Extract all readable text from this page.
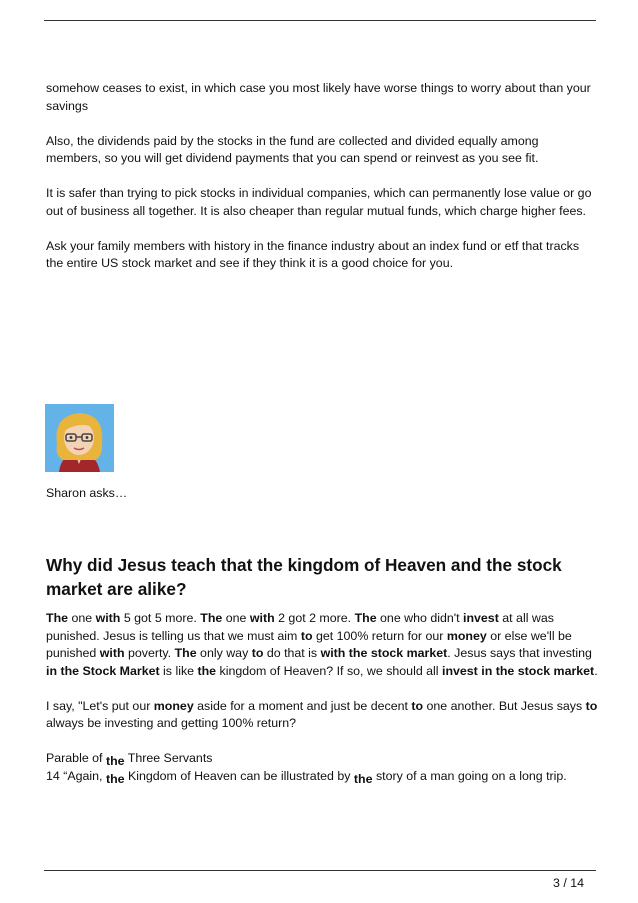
somehow ceases to exist, in which case you most likely have worse things to worry about than your savings

Also, the dividends paid by the stocks in the fund are collected and divided equally among members, so you will get dividend payments that you can spend or reinvest as you see fit.

It is safer than trying to pick stocks in individual companies, which can permanently lose value or go out of business all together. It is also cheaper than regular mutual funds, which charge higher fees.

Ask your family members with history in the finance industry about an index fund or etf that tracks the entire US stock market and see if they think it is a good choice for you.

Sharon asks…
Why did Jesus teach that the kingdom of Heaven and the stock market are alike?

The one with 5 got 5 more. The one with 2 got 2 more. The one who didn't invest at all was punished. Jesus is telling us that we must aim to get 100% return for our money or else we'll be punished with poverty. The only way to do that is with the stock market. Jesus says that investing in the Stock Market is like the kingdom of Heaven? If so, we should all invest in the stock market.

I say, "Let's put our money aside for a moment and just be decent to one another. But Jesus says to always be investing and getting 100% return?

Parable of the Three Servants

14 “Again, the Kingdom of Heaven can be illustrated by the story of a man going on a long trip.

3 / 14
